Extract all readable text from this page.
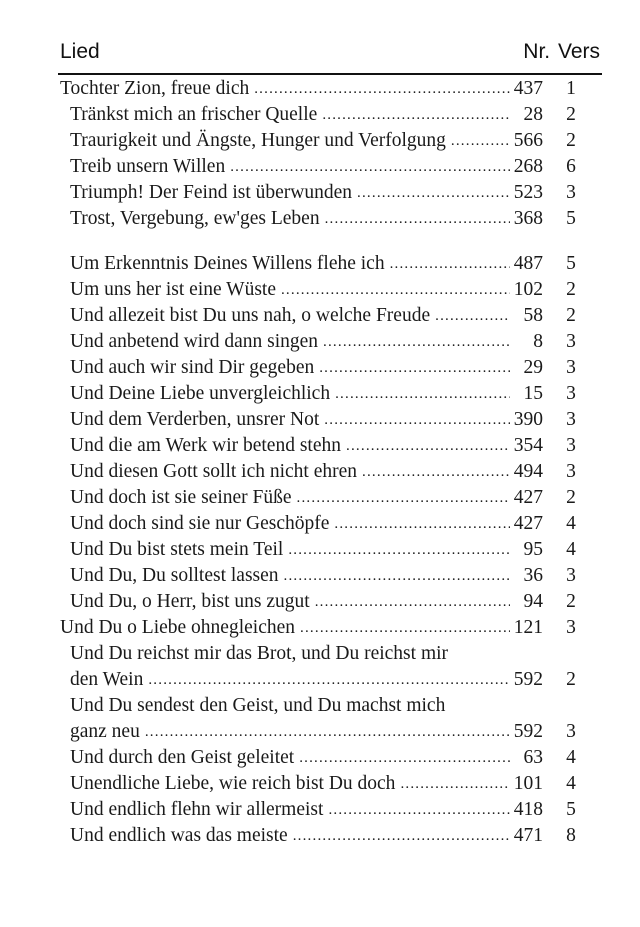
Lied	Nr. Vers
Tochter Zion, freue dich .....	437 1
Tränkst mich an frischer Quelle .....	28 2
Traurigkeit und Ängste, Hunger und Verfolgung .....	566 2
Treib unsern Willen .....	268 6
Triumph! Der Feind ist überwunden .....	523 3
Trost, Vergebung, ew'ges Leben .....	368 5
Um Erkenntnis Deines Willens flehe ich .....	487 5
Um uns her ist eine Wüste .....	102 2
Und allezeit bist Du uns nah, o welche Freude .....	58 2
Und anbetend wird dann singen .....	8 3
Und auch wir sind Dir gegeben .....	29 3
Und Deine Liebe unvergleichlich .....	15 3
Und dem Verderben, unsrer Not .....	390 3
Und die am Werk wir betend stehn .....	354 3
Und diesen Gott sollt ich nicht ehren .....	494 3
Und doch ist sie seiner Füße .....	427 2
Und doch sind sie nur Geschöpfe .....	427 4
Und Du bist stets mein Teil .....	95 4
Und Du, Du solltest lassen .....	36 3
Und Du, o Herr, bist uns zugut .....	94 2
Und Du o Liebe ohnegleichen .....	121 3
Und Du reichst mir das Brot, und Du reichst mir
den Wein .....	592 2
Und Du sendest den Geist, und Du machst mich
ganz neu .....	592 3
Und durch den Geist geleitet .....	63 4
Unendliche Liebe, wie reich bist Du doch .....	101 4
Und endlich flehn wir allermeist .....	418 5
Und endlich was das meiste .....	471 8
